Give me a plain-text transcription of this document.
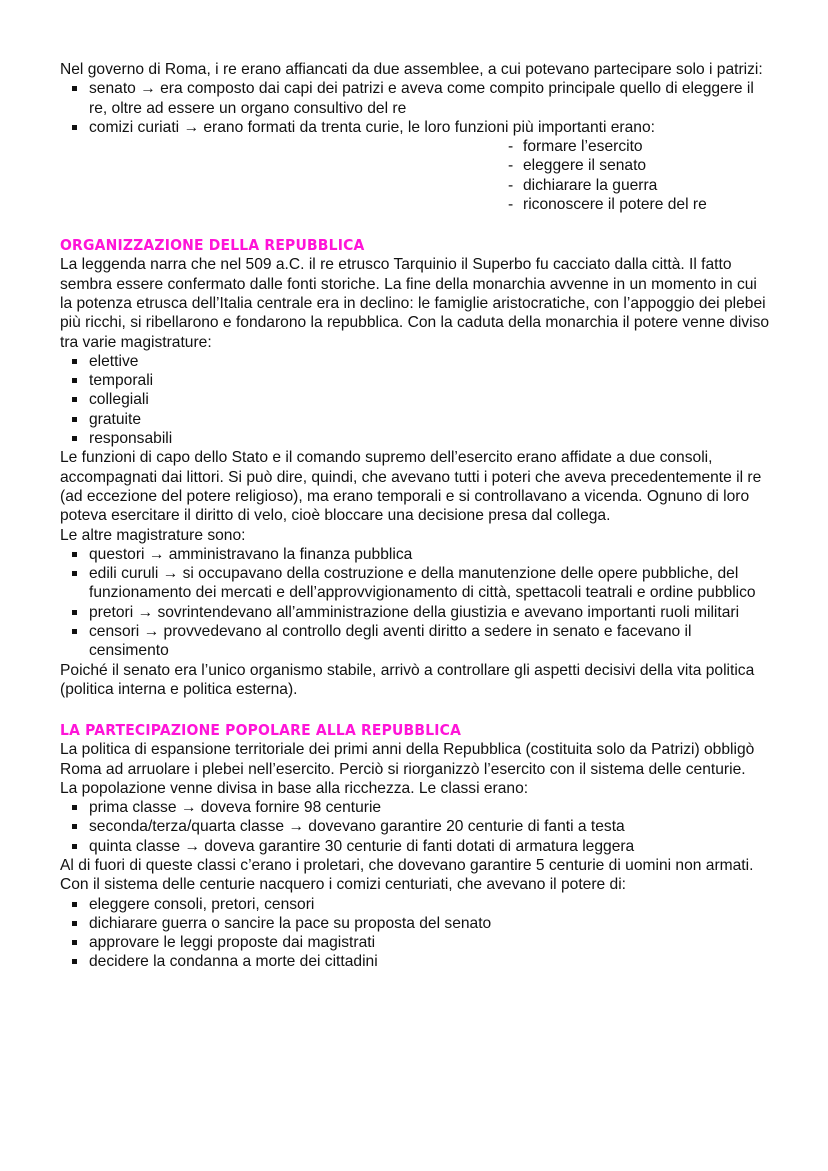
Nel governo di Roma, i re erano affiancati da due assemblee, a cui potevano partecipare solo i patrizi:

senato → era composto dai capi dei patrizi e aveva come compito principale quello di eleggere il re, oltre ad essere un organo consultivo del re
comizi curiati → erano formati da trenta curie, le loro funzioni più importanti erano:
- formare l’esercito
- eleggere il senato
- dichiarare la guerra
- riconoscere il potere del re
ORGANIZZAZIONE DELLA REPUBBLICA

La leggenda narra che nel 509 a.C. il re etrusco Tarquinio il Superbo fu cacciato dalla città. Il fatto sembra essere confermato dalle fonti storiche. La fine della monarchia avvenne in un momento in cui la potenza etrusca dell’Italia centrale era in declino: le famiglie aristocratiche, con l’appoggio dei plebei più ricchi, si ribellarono e fondarono la repubblica. Con la caduta della monarchia il potere venne diviso tra varie magistrature:

elettive
temporali
collegiali
gratuite
responsabili

Le funzioni di capo dello Stato e il comando supremo dell’esercito erano affidate a due consoli, accompagnati dai littori. Si può dire, quindi, che avevano tutti i poteri che aveva precedentemente il re (ad eccezione del potere religioso), ma erano temporali e si controllavano a vicenda. Ognuno di loro poteva esercitare il diritto di velo, cioè bloccare una decisione presa dal collega.

Le altre magistrature sono:

questori → amministravano la finanza pubblica
edili curuli → si occupavano della costruzione e della manutenzione delle opere pubbliche, del funzionamento dei mercati e dell’approvvigionamento di città, spettacoli teatrali e ordine pubblico
pretori → sovrintendevano all’amministrazione della giustizia e avevano importanti ruoli militari
censori → provvedevano al controllo degli aventi diritto a sedere in senato e facevano il censimento

Poiché il senato era l’unico organismo stabile, arrivò a controllare gli aspetti decisivi della vita politica (politica interna e politica esterna).

LA PARTECIPAZIONE POPOLARE ALLA REPUBBLICA

La politica di espansione territoriale dei primi anni della Repubblica (costituita solo da Patrizi) obbligò Roma ad arruolare i plebei nell’esercito. Perciò si riorganizzò l’esercito con il sistema delle centurie.

La popolazione venne divisa in base alla ricchezza. Le classi erano:

prima classe → doveva fornire 98 centurie
seconda/terza/quarta classe → dovevano garantire 20 centurie di fanti a testa
quinta classe → doveva garantire 30 centurie di fanti dotati di armatura leggera

Al di fuori di queste classi c’erano i proletari, che dovevano garantire 5 centurie di uomini non armati.

Con il sistema delle centurie nacquero i comizi centuriati, che avevano il potere di:

eleggere consoli, pretori, censori
dichiarare guerra o sancire la pace su proposta del senato
approvare le leggi proposte dai magistrati
decidere la condanna a morte dei cittadini
